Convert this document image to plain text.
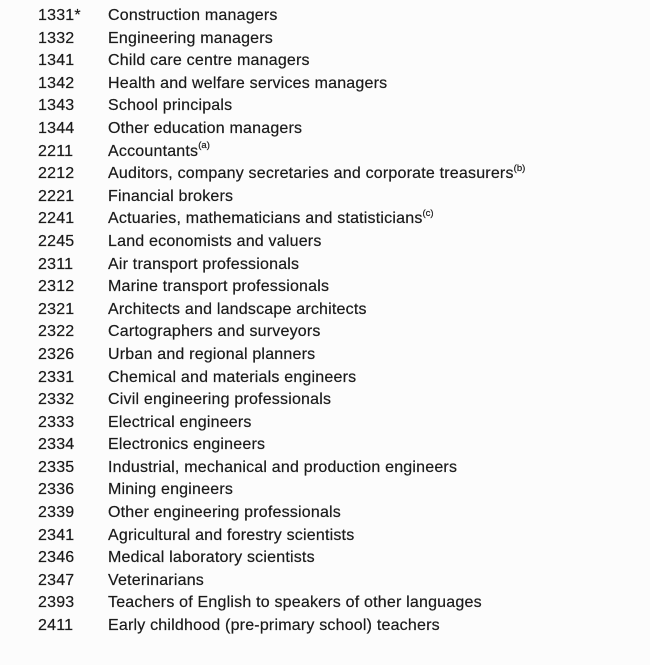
1331*	Construction managers
1332	Engineering managers
1341	Child care centre managers
1342	Health and welfare services managers
1343	School principals
1344	Other education managers
2211	Accountants$^{(a)}$
2212	Auditors, company secretaries and corporate treasurers$^{(b)}$
2221	Financial brokers
2241	Actuaries, mathematicians and statisticians$^{(c)}$
2245	Land economists and valuers
2311	Air transport professionals
2312	Marine transport professionals
2321	Architects and landscape architects
2322	Cartographers and surveyors
2326	Urban and regional planners
2331	Chemical and materials engineers
2332	Civil engineering professionals
2333	Electrical engineers
2334	Electronics engineers
2335	Industrial, mechanical and production engineers
2336	Mining engineers
2339	Other engineering professionals
2341	Agricultural and forestry scientists
2346	Medical laboratory scientists
2347	Veterinarians
2393	Teachers of English to speakers of other languages
2411	Early childhood (pre-primary school) teachers
